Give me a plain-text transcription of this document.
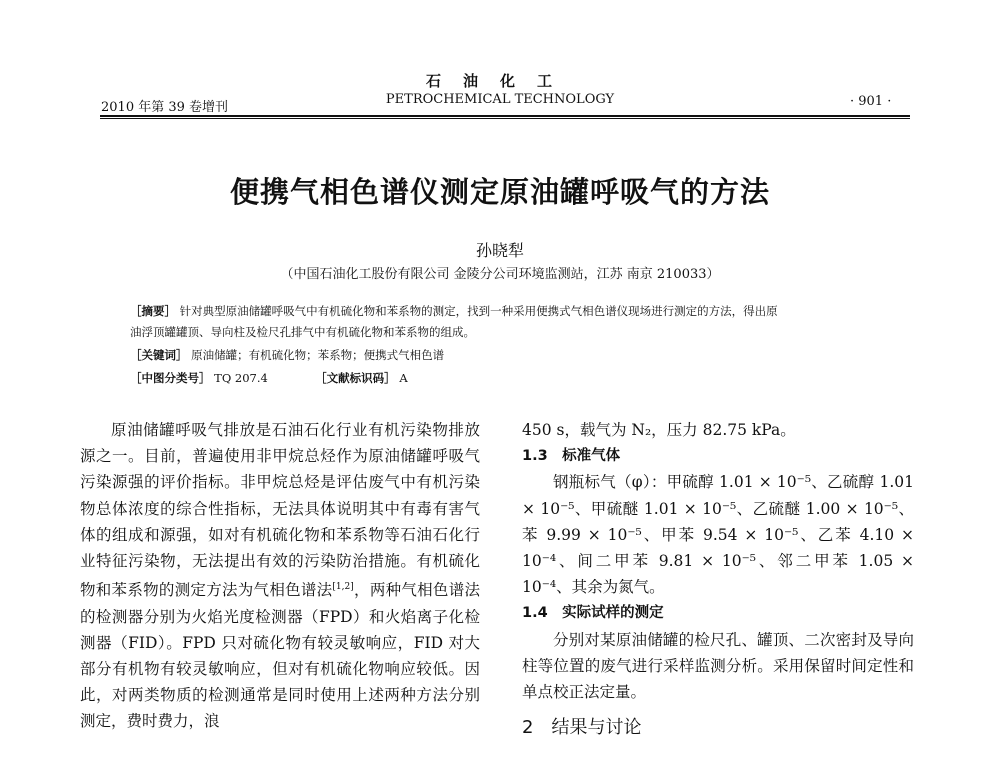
石油化工
2010 年第 39 卷增刊
PETROCHEMICAL TECHNOLOGY	· 901 ·
便携气相色谱仪测定原油罐呼吸气的方法
孙晓犁
（中国石油化工股份有限公司 金陵分公司环境监测站，江苏 南京 210033）
［摘要］ 针对典型原油储罐呼吸气中有机硫化物和苯系物的测定，找到一种采用便携式气相色谱仪现场进行测定的方法，得出原
油浮顶罐罐顶、导向柱及检尺孔排气中有机硫化物和苯系物的组成。
［关键词］ 原油储罐；有机硫化物；苯系物；便携式气相色谱
［中图分类号］ TQ 207.4	［文献标识码］ A

原油储罐呼吸气排放是石油石化行业有机污染物排放源之一。目前，普遍使用非甲烷总烃作为原油储罐呼吸气污染源强的评价指标。非甲烷总烃是评估废气中有机污染物总体浓度的综合性指标，无法具体说明其中有毒有害气体的组成和源强，如对有机硫化物和苯系物等石油石化行业特征污染物，无法提出有效的污染防治措施。有机硫化物和苯系物的测定方法为气相色谱法[1,2]，两种气相色谱法的检测器分别为火焰光度检测器（FPD）和火焰离子化检测器（FID）。FPD 只对硫化物有较灵敏响应，FID 对大部分有机物有较灵敏响应，但对有机硫化物响应较低。因此，对两类物质的检测通常是同时使用上述两种方法分别测定，费时费力，浪

450 s，载气为 N₂，压力 82.75 kPa。

1.3　标准气体

钢瓶标气（φ）：甲硫醇 1.01 × 10⁻⁵、乙硫醇 1.01 × 10⁻⁵、甲硫醚 1.01 × 10⁻⁵、乙硫醚 1.00 × 10⁻⁵、苯 9.99 × 10⁻⁵、甲苯 9.54 × 10⁻⁵、乙苯 4.10 × 10⁻⁴、间二甲苯 9.81 × 10⁻⁵、邻二甲苯 1.05 × 10⁻⁴、其余为氮气。

1.4　实际试样的测定

分别对某原油储罐的检尺孔、罐顶、二次密封及导向柱等位置的废气进行采样监测分析。采用保留时间定性和单点校正法定量。

2　结果与讨论
